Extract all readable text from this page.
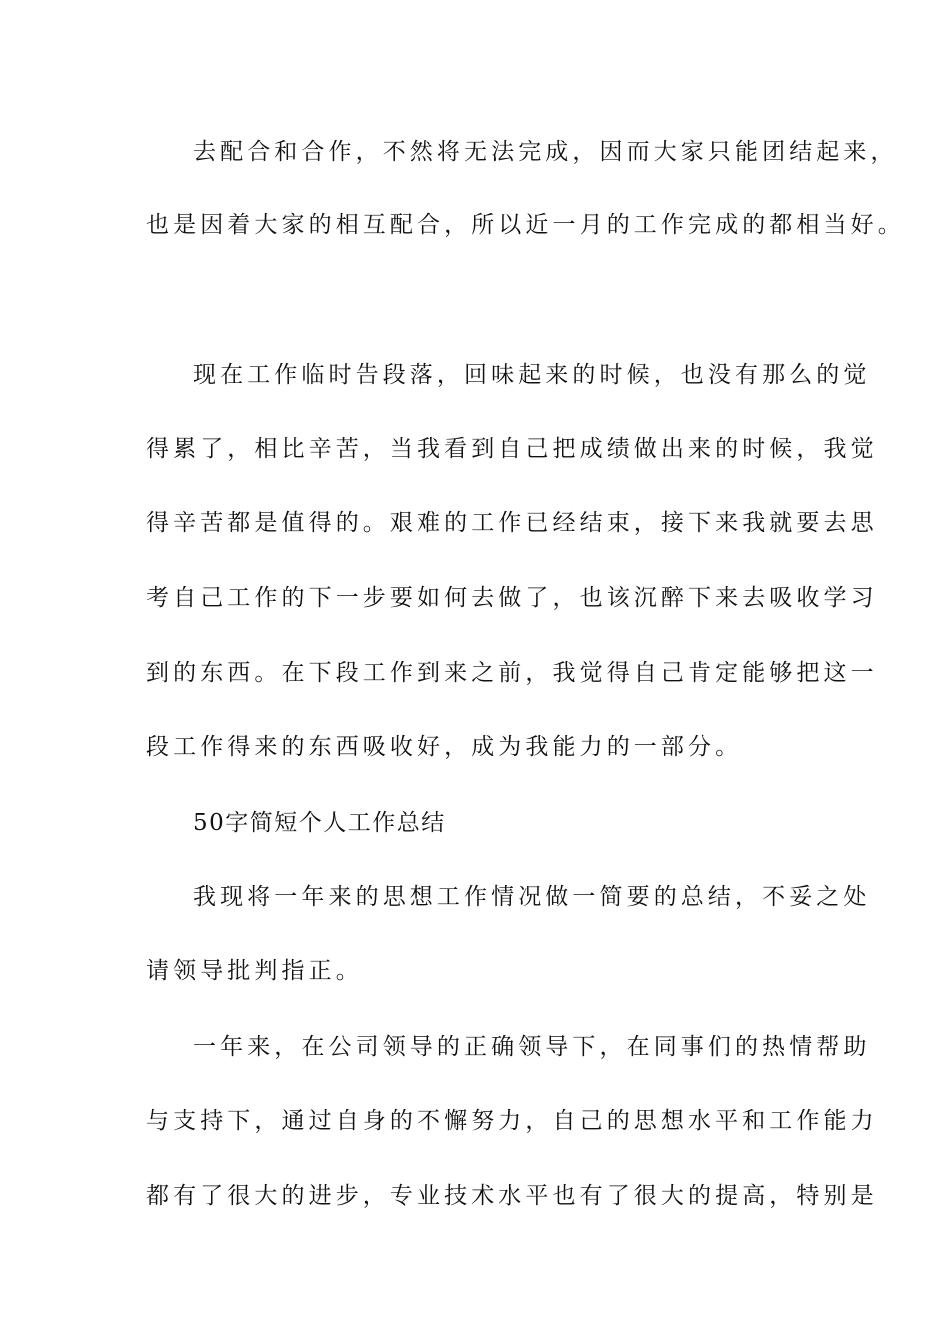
去配合和合作，不然将无法完成，因而大家只能团结起来，
也是因着大家的相互配合，所以近一月的工作完成的都相当好。
现在工作临时告段落，回味起来的时候，也没有那么的觉
得累了，相比辛苦，当我看到自己把成绩做出来的时候，我觉
得辛苦都是值得的。艰难的工作已经结束，接下来我就要去思
考自己工作的下一步要如何去做了，也该沉醉下来去吸收学习
到的东西。在下段工作到来之前，我觉得自己肯定能够把这一
段工作得来的东西吸收好，成为我能力的一部分。
50字简短个人工作总结
我现将一年来的思想工作情况做一简要的总结，不妥之处
请领导批判指正。
一年来，在公司领导的正确领导下，在同事们的热情帮助
与支持下，通过自身的不懈努力，自己的思想水平和工作能力
都有了很大的进步，专业技术水平也有了很大的提高，特别是
